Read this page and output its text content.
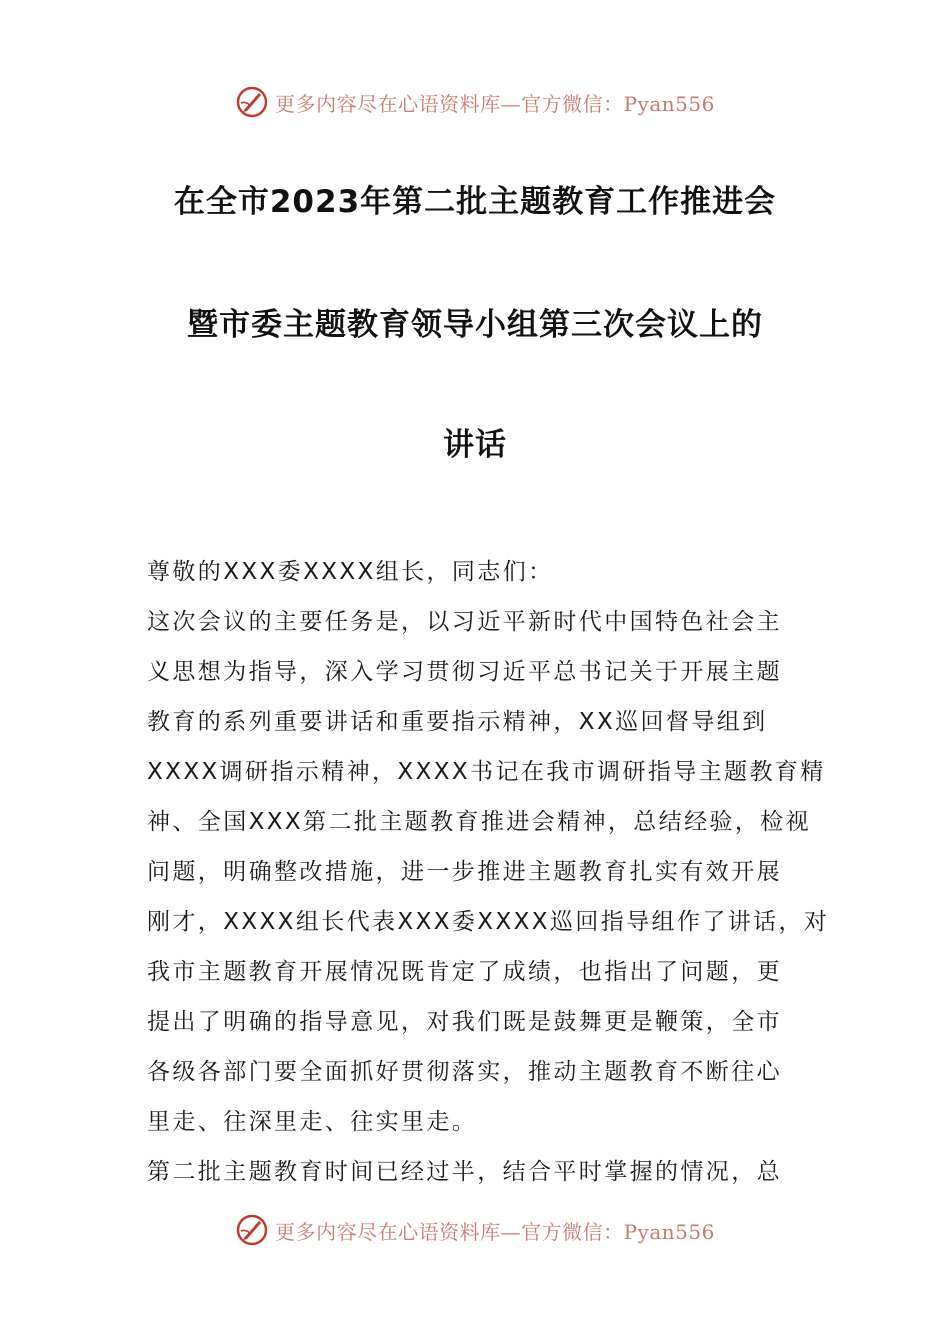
更多内容尽在心语资料库—官方微信：Pyan556
在全市2023年第二批主题教育工作推进会
暨市委主题教育领导小组第三次会议上的
讲话
尊敬的XXX委XXXX组长，同志们：
这次会议的主要任务是，以习近平新时代中国特色社会主
义思想为指导，深入学习贯彻习近平总书记关于开展主题
教育的系列重要讲话和重要指示精神，XX巡回督导组到
XXXX调研指示精神，XXXX书记在我市调研指导主题教育精
神、全国XXX第二批主题教育推进会精神，总结经验，检视
问题，明确整改措施，进一步推进主题教育扎实有效开展
刚才，XXXX组长代表XXX委XXXX巡回指导组作了讲话，对
我市主题教育开展情况既肯定了成绩，也指出了问题，更
提出了明确的指导意见，对我们既是鼓舞更是鞭策，全市
各级各部门要全面抓好贯彻落实，推动主题教育不断往心
里走、往深里走、往实里走。
第二批主题教育时间已经过半，结合平时掌握的情况，总
更多内容尽在心语资料库—官方微信：Pyan556
